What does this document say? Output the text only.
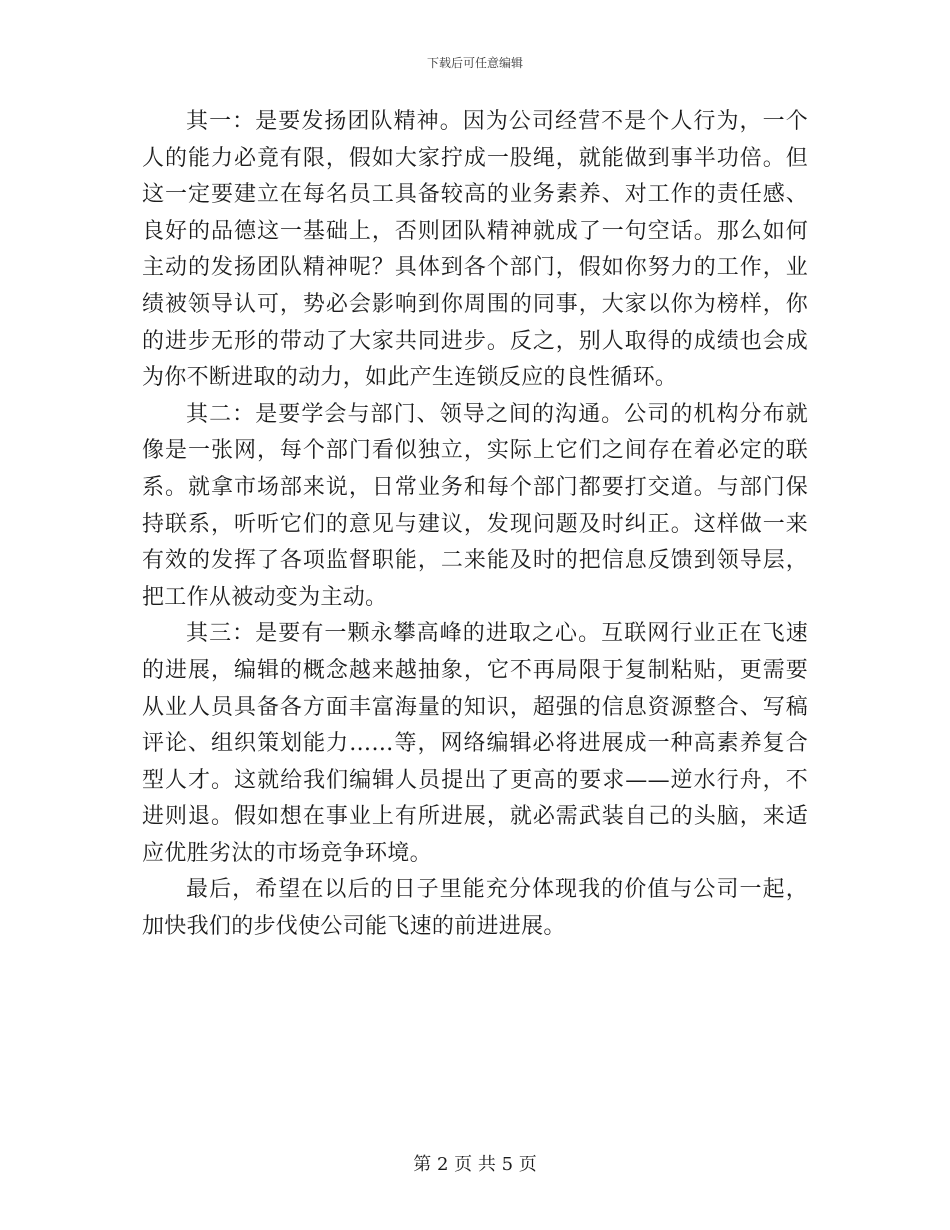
下载后可任意编辑

其一：是要发扬团队精神。因为公司经营不是个人行为，一个人的能力必竟有限，假如大家拧成一股绳，就能做到事半功倍。但这一定要建立在每名员工具备较高的业务素养、对工作的责任感、良好的品德这一基础上，否则团队精神就成了一句空话。那么如何主动的发扬团队精神呢？具体到各个部门，假如你努力的工作，业绩被领导认可，势必会影响到你周围的同事，大家以你为榜样，你的进步无形的带动了大家共同进步。反之，别人取得的成绩也会成为你不断进取的动力，如此产生连锁反应的良性循环。

其二：是要学会与部门、领导之间的沟通。公司的机构分布就像是一张网，每个部门看似独立，实际上它们之间存在着必定的联系。就拿市场部来说，日常业务和每个部门都要打交道。与部门保持联系，听听它们的意见与建议，发现问题及时纠正。这样做一来有效的发挥了各项监督职能，二来能及时的把信息反馈到领导层，把工作从被动变为主动。

其三：是要有一颗永攀高峰的进取之心。互联网行业正在飞速的进展，编辑的概念越来越抽象，它不再局限于复制粘贴，更需要从业人员具备各方面丰富海量的知识，超强的信息资源整合、写稿评论、组织策划能力……等，网络编辑必将进展成一种高素养复合型人才。这就给我们编辑人员提出了更高的要求——逆水行舟，不进则退。假如想在事业上有所进展，就必需武装自己的头脑，来适应优胜劣汰的市场竞争环境。

最后，希望在以后的日子里能充分体现我的价值与公司一起，加快我们的步伐使公司能飞速的前进进展。

第 2 页 共 5 页
